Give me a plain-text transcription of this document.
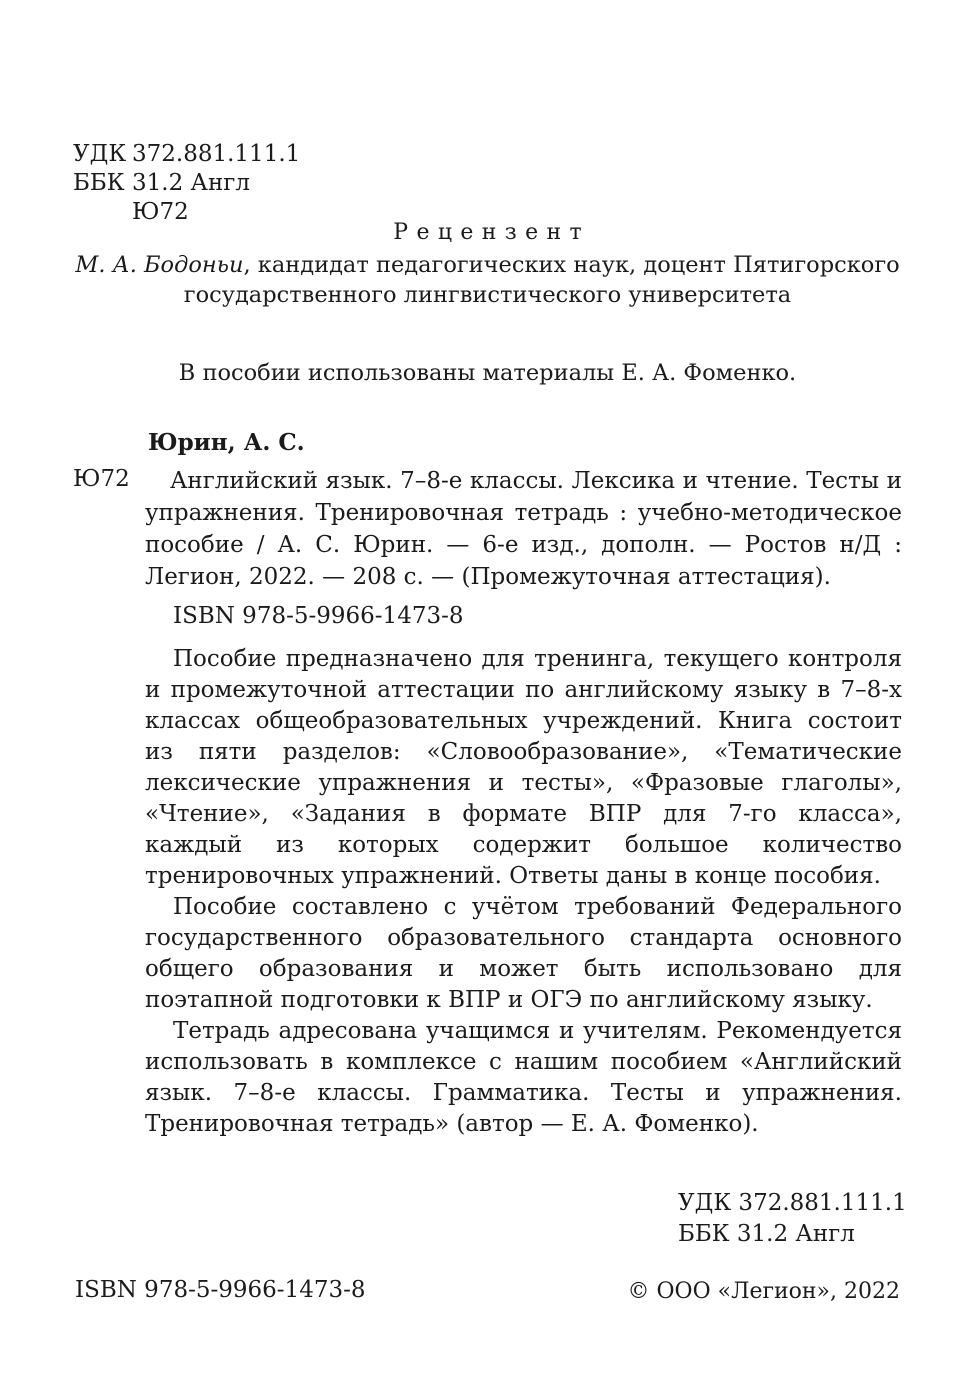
УДК 372.881.111.1
ББК 31.2 Англ
Ю72
Рецензент
М. А. Бодоньи, кандидат педагогических наук, доцент Пятигорского
государственного лингвистического университета
В пособии использованы материалы Е. А. Фоменко.
Юрин, А. С.
Ю72	Английский язык. 7–8-е классы. Лексика и чтение. Тесты и упражнения. Тренировочная тетрадь : учебно-методическое пособие / А. С. Юрин. — 6-е изд., дополн. — Ростов н/Д : Легион, 2022. — 208 с. — (Промежуточная аттестация).
ISBN 978-5-9966-1473-8

Пособие предназначено для тренинга, текущего контроля и промежуточной аттестации по английскому языку в 7–8-х классах общеобразовательных учреждений. Книга состоит из пяти разделов: «Словообразование», «Тематические лексические упражнения и тесты», «Фразовые глаголы», «Чтение», «Задания в формате ВПР для 7-го класса», каждый из которых содержит большое количество тренировочных упражнений. Ответы даны в конце пособия.

Пособие составлено с учётом требований Федерального государственного образовательного стандарта основного общего образования и может быть использовано для поэтапной подготовки к ВПР и ОГЭ по английскому языку.

Тетрадь адресована учащимся и учителям. Рекомендуется использовать в комплексе с нашим пособием «Английский язык. 7–8-е классы. Грамматика. Тесты и упражнения. Тренировочная тетрадь» (автор — Е. А. Фоменко).

УДК 372.881.111.1
ББК 31.2 Англ
ISBN 978-5-9966-1473-8	© ООО «Легион», 2022
